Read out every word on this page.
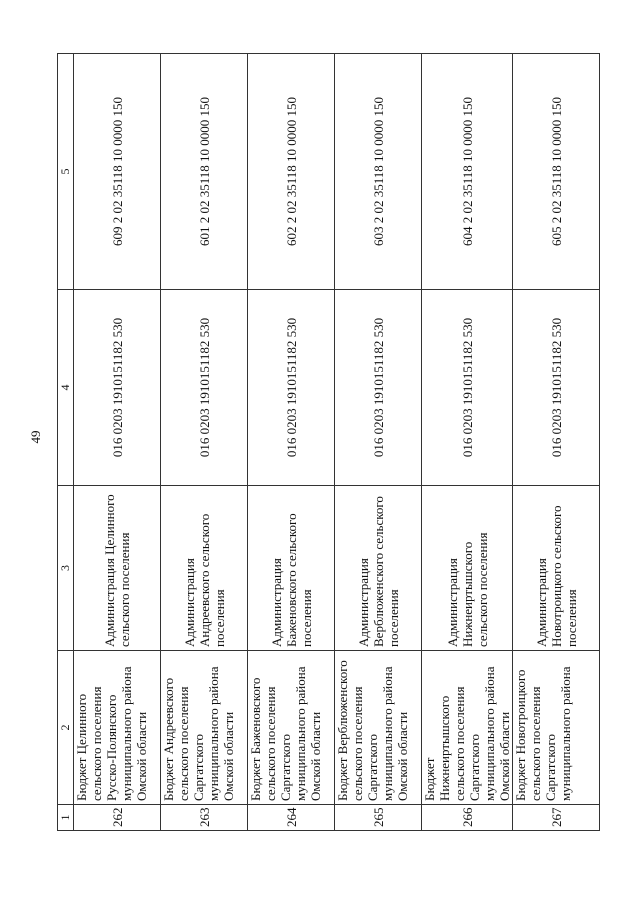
49
1	2	3	4	5
262	Бюджет Целинного сельского поселения Русско-Полянского муниципального района Омской области	Администрация Целинного сельского поселения	016 0203 1910151182 530	609 2 02 35118 10 0000 150
263	Бюджет Андреевского сельского поселения Саргатского муниципального района Омской области	Администрация Андреевского сельского поселения	016 0203 1910151182 530	601 2 02 35118 10 0000 150
264	Бюджет Баженовского сельского поселения Саргатского муниципального района Омской области	Администрация Баженовского сельского поселения	016 0203 1910151182 530	602 2 02 35118 10 0000 150
265	Бюджет Верблюженского сельского поселения Саргатского муниципального района Омской области	Администрация Верблюженского сельского поселения	016 0203 1910151182 530	603 2 02 35118 10 0000 150
266	Бюджет Нижнеиртышского сельского поселения Саргатского муниципального района Омской области	Администрация Нижнеиртышского сельского поселения	016 0203 1910151182 530	604 2 02 35118 10 0000 150
267	Бюджет Новотроицкого сельского поселения Саргатского муниципального района	Администрация Новотроицкого сельского поселения	016 0203 1910151182 530	605 2 02 35118 10 0000 150
